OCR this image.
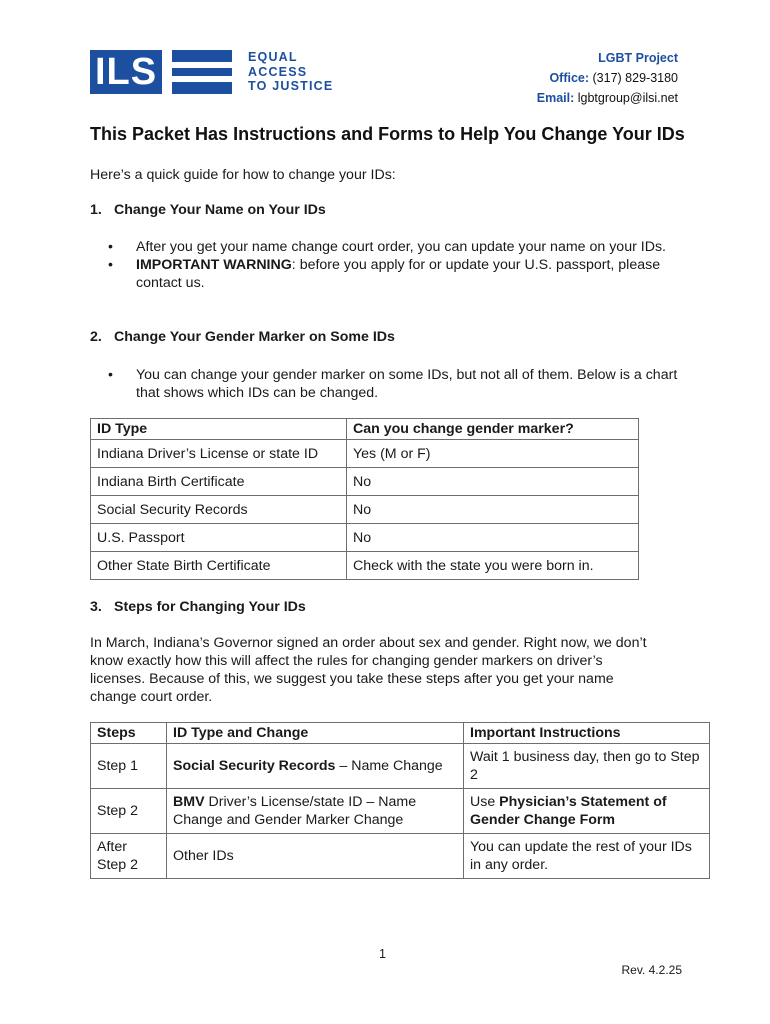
ILS	EQUAL
ACCESS
TO JUSTICE
LGBT Project
Office: (317) 829-3180
Email: lgbtgroup@ilsi.net
This Packet Has Instructions and Forms to Help You Change Your IDs
Here’s a quick guide for how to change your IDs:
1. Change Your Name on Your IDs
• After you get your name change court order, you can update your name on your IDs.
• IMPORTANT WARNING: before you apply for or update your U.S. passport, please contact us.
2. Change Your Gender Marker on Some IDs
• You can change your gender marker on some IDs, but not all of them. Below is a chart that shows which IDs can be changed.
ID Type	Can you change gender marker?
Indiana Driver’s License or state ID	Yes (M or F)
Indiana Birth Certificate	No
Social Security Records	No
U.S. Passport	No
Other State Birth Certificate	Check with the state you were born in.
3. Steps for Changing Your IDs
In March, Indiana’s Governor signed an order about sex and gender. Right now, we don’t know exactly how this will affect the rules for changing gender markers on driver’s licenses. Because of this, we suggest you take these steps after you get your name change court order.
Steps	ID Type and Change	Important Instructions
Step 1	Social Security Records – Name Change	Wait 1 business day, then go to Step 2
Step 2	BMV Driver’s License/state ID – Name Change and Gender Marker Change	Use Physician’s Statement of Gender Change Form
After Step 2	Other IDs	You can update the rest of your IDs in any order.
1
Rev. 4.2.25
